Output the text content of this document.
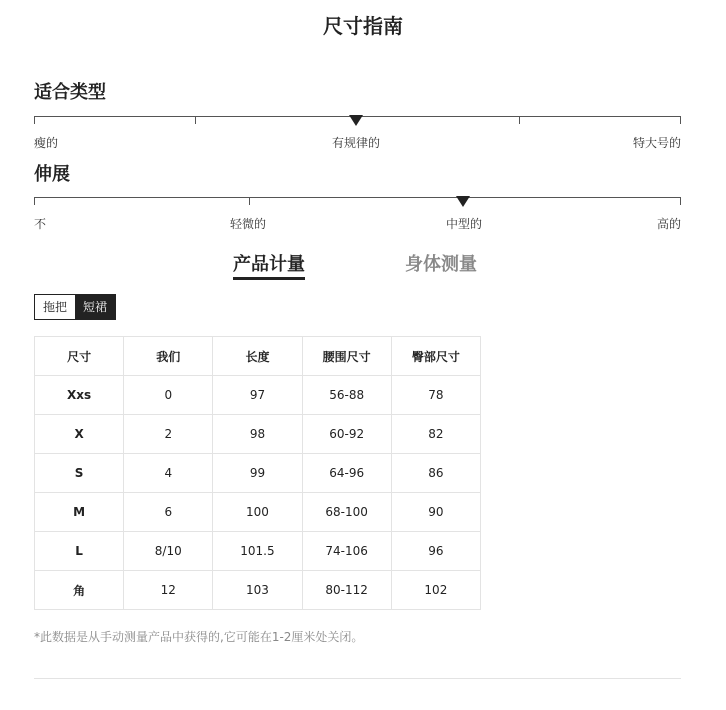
尺寸指南
适合类型
瘦的	有规律的	特大号的
伸展
不	轻微的	中型的	高的
产品计量	身体测量
拖把	短裙
尺寸	我们	长度	腰围尺寸	臀部尺寸
Xxs	0	97	56-88	78
X	2	98	60-92	82
S	4	99	64-96	86
M	6	100	68-100	90
L	8/10	101.5	74-106	96
角	12	103	80-112	102
*此数据是从手动测量产品中获得的,它可能在1-2厘米处关闭。
